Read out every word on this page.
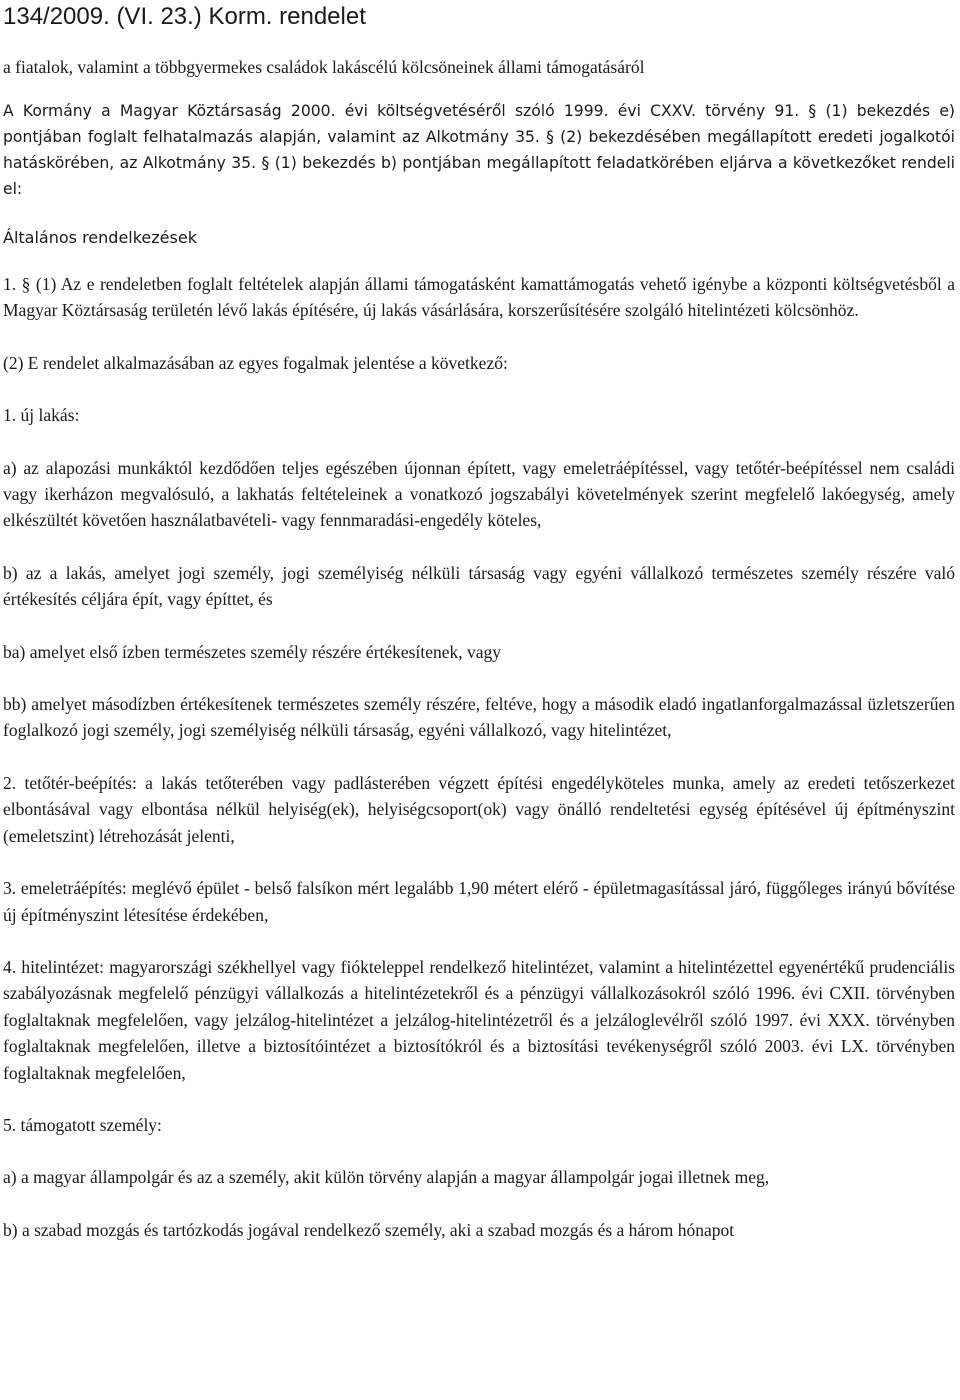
134/2009. (VI. 23.) Korm. rendelet

a fiatalok, valamint a többgyermekes családok lakáscélú kölcsöneinek állami támogatásáról

A Kormány a Magyar Köztársaság 2000. évi költségvetéséről szóló 1999. évi CXXV. törvény 91. § (1) bekezdés e) pontjában foglalt felhatalmazás alapján, valamint az Alkotmány 35. § (2) bekezdésében megállapított eredeti jogalkotói hatáskörében, az Alkotmány 35. § (1) bekezdés b) pontjában megállapított feladatkörében eljárva a következőket rendeli el:

Általános rendelkezések

1. § (1) Az e rendeletben foglalt feltételek alapján állami támogatásként kamattámogatás vehető igénybe a központi költségvetésből a Magyar Köztársaság területén lévő lakás építésére, új lakás vásárlására, korszerűsítésére szolgáló hitelintézeti kölcsönhöz.

(2) E rendelet alkalmazásában az egyes fogalmak jelentése a következő:

1. új lakás:

a) az alapozási munkáktól kezdődően teljes egészében újonnan épített, vagy emeletráépítéssel, vagy tetőtér-beépítéssel nem családi vagy ikerházon megvalósuló, a lakhatás feltételeinek a vonatkozó jogszabályi követelmények szerint megfelelő lakóegység, amely elkészültét követően használatbavételi- vagy fennmaradási-engedély köteles,

b) az a lakás, amelyet jogi személy, jogi személyiség nélküli társaság vagy egyéni vállalkozó természetes személy részére való értékesítés céljára épít, vagy építtet, és

ba) amelyet első ízben természetes személy részére értékesítenek, vagy

bb) amelyet másodízben értékesítenek természetes személy részére, feltéve, hogy a második eladó ingatlanforgalmazással üzletszerűen foglalkozó jogi személy, jogi személyiség nélküli társaság, egyéni vállalkozó, vagy hitelintézet,

2. tetőtér-beépítés: a lakás tetőterében vagy padlásterében végzett építési engedélyköteles munka, amely az eredeti tetőszerkezet elbontásával vagy elbontása nélkül helyiség(ek), helyiségcsoport(ok) vagy önálló rendeltetési egység építésével új építményszint (emeletszint) létrehozását jelenti,

3. emeletráépítés: meglévő épület - belső falsíkon mért legalább 1,90 métert elérő - épületmagasítással járó, függőleges irányú bővítése új építményszint létesítése érdekében,

4. hitelintézet: magyarországi székhellyel vagy fiókteleppel rendelkező hitelintézet, valamint a hitelintézettel egyenértékű prudenciális szabályozásnak megfelelő pénzügyi vállalkozás a hitelintézetekről és a pénzügyi vállalkozásokról szóló 1996. évi CXII. törvényben foglaltaknak megfelelően, vagy jelzálog-hitelintézet a jelzálog-hitelintézetről és a jelzáloglevélről szóló 1997. évi XXX. törvényben foglaltaknak megfelelően, illetve a biztosítóintézet a biztosítókról és a biztosítási tevékenységről szóló 2003. évi LX. törvényben foglaltaknak megfelelően,

5. támogatott személy:

a) a magyar állampolgár és az a személy, akit külön törvény alapján a magyar állampolgár jogai illetnek meg,

b) a szabad mozgás és tartózkodás jogával rendelkező személy, aki a szabad mozgás és a három hónapot
